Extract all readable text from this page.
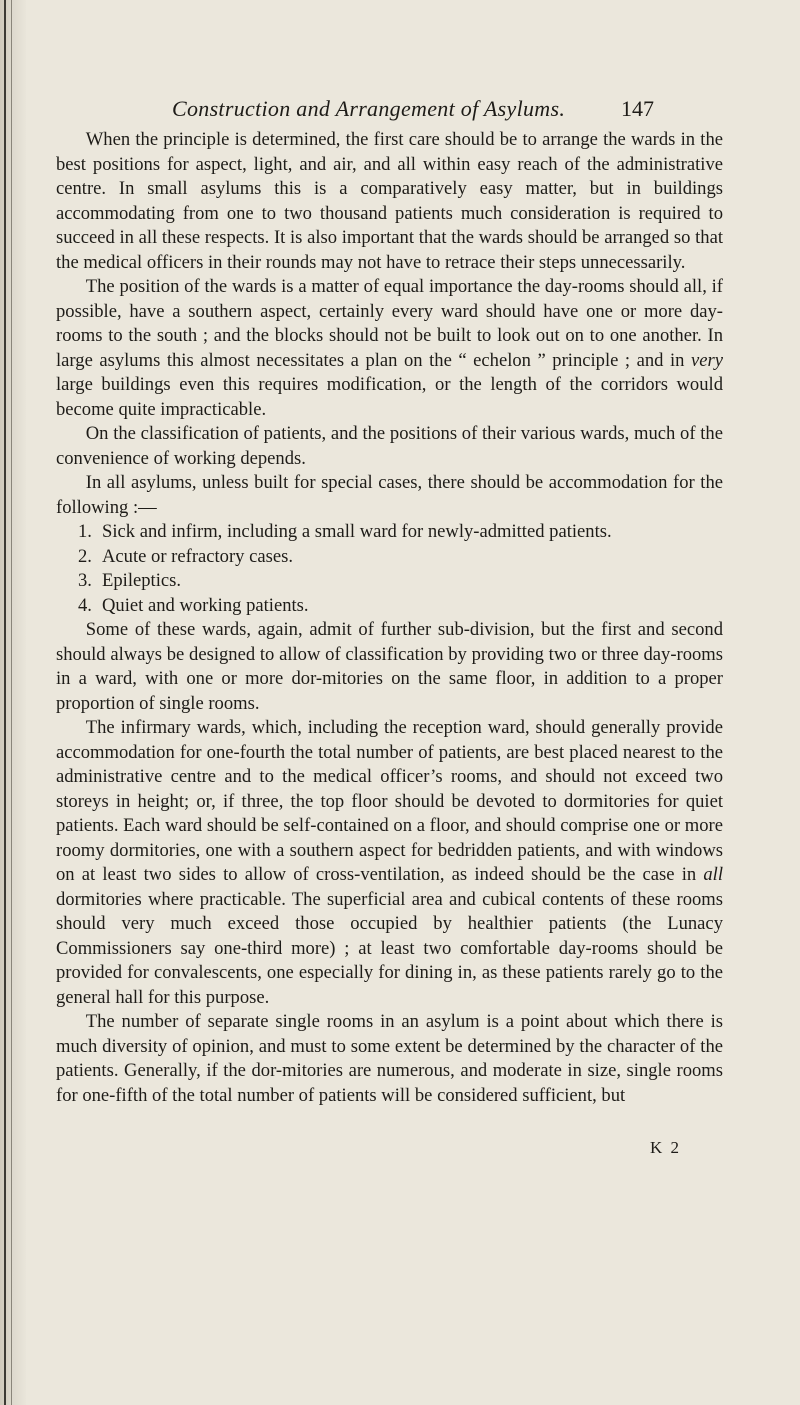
Construction and Arrangement of Asylums.	147

When the principle is determined, the first care should be to arrange the wards in the best positions for aspect, light, and air, and all within easy reach of the administrative centre. In small asylums this is a comparatively easy matter, but in buildings accommodating from one to two thousand patients much consideration is required to succeed in all these respects. It is also important that the wards should be arranged so that the medical officers in their rounds may not have to retrace their steps unnecessarily.

The position of the wards is a matter of equal importance the day-rooms should all, if possible, have a southern aspect, certainly every ward should have one or more day-rooms to the south ; and the blocks should not be built to look out on to one another. In large asylums this almost necessitates a plan on the “ echelon ” principle ; and in very large buildings even this requires modification, or the length of the corridors would become quite impracticable.

On the classification of patients, and the positions of their various wards, much of the convenience of working depends.

In all asylums, unless built for special cases, there should be accommodation for the following :—

1. Sick and infirm, including a small ward for newly-admitted patients.
2. Acute or refractory cases.
3. Epileptics.
4. Quiet and working patients.

Some of these wards, again, admit of further sub-division, but the first and second should always be designed to allow of classification by providing two or three day-rooms in a ward, with one or more dor-mitories on the same floor, in addition to a proper proportion of single rooms.

The infirmary wards, which, including the reception ward, should generally provide accommodation for one-fourth the total number of patients, are best placed nearest to the administrative centre and to the medical officer’s rooms, and should not exceed two storeys in height; or, if three, the top floor should be devoted to dormitories for quiet patients. Each ward should be self-contained on a floor, and should comprise one or more roomy dormitories, one with a southern aspect for bedridden patients, and with windows on at least two sides to allow of cross-ventilation, as indeed should be the case in all dormitories where practicable. The superficial area and cubical contents of these rooms should very much exceed those occupied by healthier patients (the Lunacy Commissioners say one-third more) ; at least two comfortable day-rooms should be provided for convalescents, one especially for dining in, as these patients rarely go to the general hall for this purpose.

The number of separate single rooms in an asylum is a point about which there is much diversity of opinion, and must to some extent be determined by the character of the patients. Generally, if the dor-mitories are numerous, and moderate in size, single rooms for one-fifth of the total number of patients will be considered sufficient, but

K 2
